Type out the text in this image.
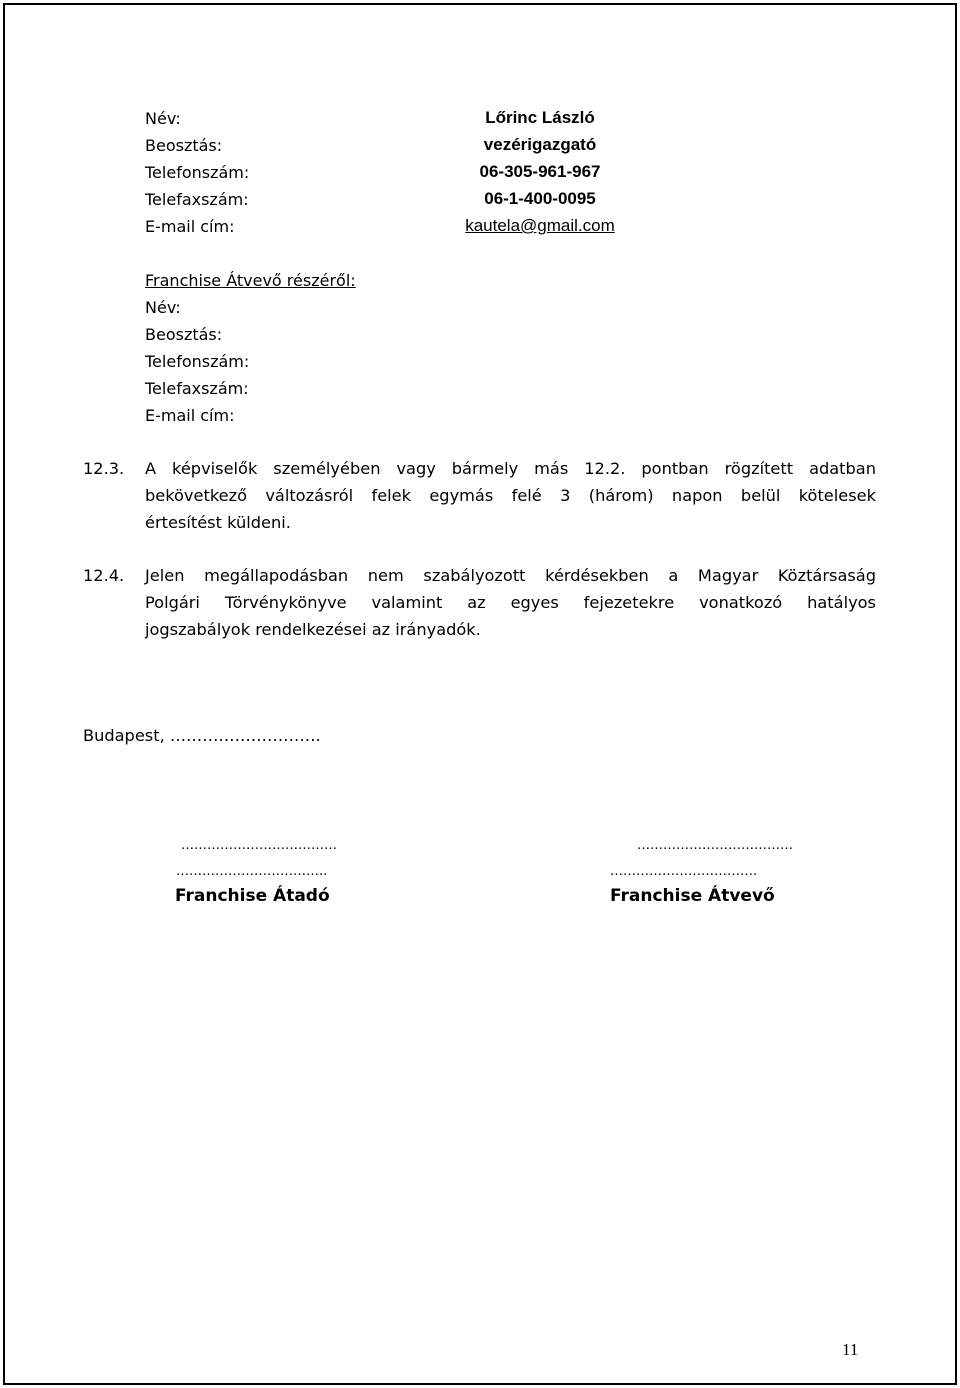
Név:
Beosztás:
Telefonszám:
Telefaxszám:
E-mail cím:
Lőrinc László
vezérigazgató
06-305-961-967
06-1-400-0095
kautela@gmail.com
Franchise Átvevő részéről:
Név:
Beosztás:
Telefonszám:
Telefaxszám:
E-mail cím:
12.3. A képviselők személyében vagy bármely más 12.2. pontban rögzített adatban
bekövetkező változásról felek egymás felé 3 (három) napon belül kötelesek
értesítést küldeni.
12.4. Jelen megállapodásban nem szabályozott kérdésekben a Magyar Köztársaság
Polgári Törvénykönyve valamint az egyes fejezetekre vonatkozó hatályos
jogszabályok rendelkezései az irányadók.
Budapest, ……………………….
………………………………
……………………………..
Franchise Átadó
………………………………
…………………………….
Franchise Átvevő
11
